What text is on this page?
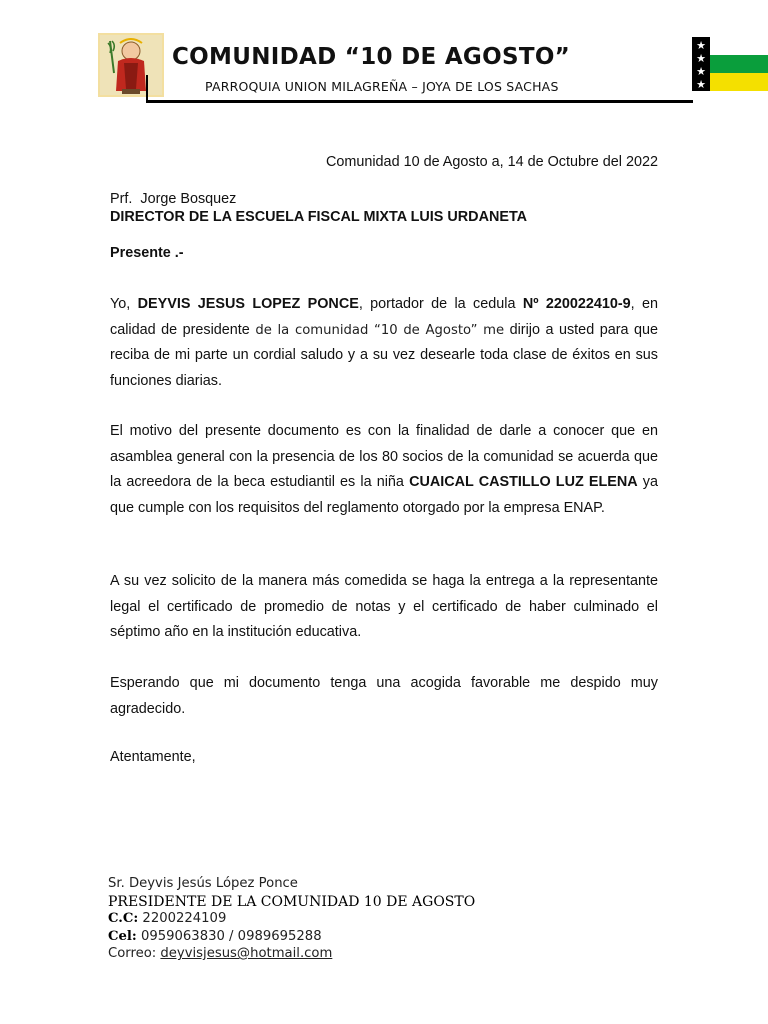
COMUNIDAD “10 DE AGOSTO”
PARROQUIA UNION MILAGREÑA – JOYA DE LOS SACHAS
★
★
★
★
Comunidad 10 de Agosto a, 14 de Octubre del 2022
Prf.  Jorge Bosquez
DIRECTOR DE LA ESCUELA FISCAL MIXTA LUIS URDANETA
Presente .-
Yo, DEYVIS JESUS LOPEZ PONCE, portador de la cedula Nº 220022410-9, en calidad de presidente de la comunidad “10 de Agosto” me dirijo a usted para que reciba de mi parte un cordial saludo y a su vez desearle toda clase de éxitos en sus funciones diarias.
El motivo del presente documento es con la finalidad de darle a conocer que en asamblea general con la presencia de los 80 socios de la comunidad se acuerda que la acreedora de la beca estudiantil es la niña CUAICAL CASTILLO LUZ ELENA ya que cumple con los requisitos del reglamento otorgado por la empresa ENAP.
A su vez solicito de la manera más comedida se haga la entrega a la representante legal el certificado de promedio de notas y el certificado de haber culminado el séptimo año en la institución educativa.
Esperando que mi documento tenga una acogida favorable me despido muy agradecido.
Atentamente,
Sr. Deyvis Jesús López Ponce
PRESIDENTE DE LA COMUNIDAD 10 DE AGOSTO
C.C: 2200224109
Cel: 0959063830 / 0989695288
Correo: deyvisjesus@hotmail.com
